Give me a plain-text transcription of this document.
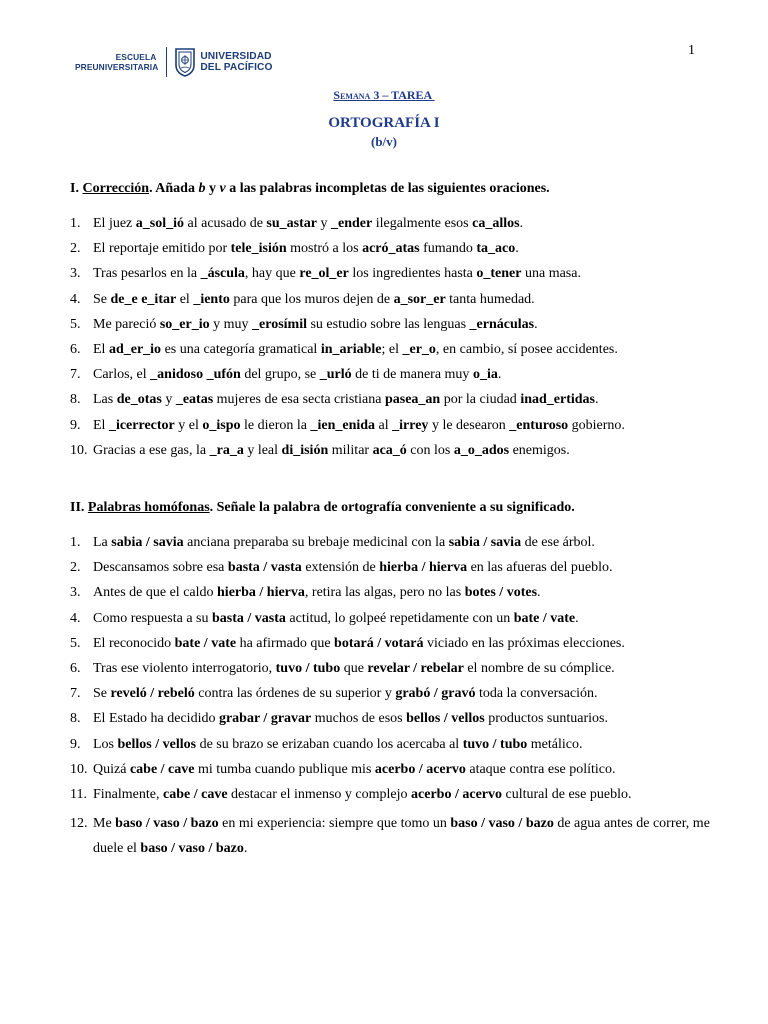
1
ESCUELA
PREUNIVERSITARIA
UNIVERSIDAD
DEL PACÍFICO
Semana 3 – TAREA
ORTOGRAFÍA I
(b/v)
I. Corrección. Añada b y v a las palabras incompletas de las siguientes oraciones.
1. El juez a_sol_ió al acusado de su_astar y _ender ilegalmente esos ca_allos.
2. El reportaje emitido por tele_isión mostró a los acró_atas fumando ta_aco.
3. Tras pesarlos en la _áscula, hay que re_ol_er los ingredientes hasta o_tener una masa.
4. Se de_e e_itar el _iento para que los muros dejen de a_sor_er tanta humedad.
5. Me pareció so_er_io y muy _erosímil su estudio sobre las lenguas _ernáculas.
6. El ad_er_io es una categoría gramatical in_ariable; el _er_o, en cambio, sí posee accidentes.
7. Carlos, el _anidoso _ufón del grupo, se _urló de ti de manera muy o_ia.
8. Las de_otas y _eatas mujeres de esa secta cristiana pasea_an por la ciudad inad_ertidas.
9. El _icerrector y el o_ispo le dieron la _ien_enida al _irrey y le desearon _enturoso gobierno.
10. Gracias a ese gas, la _ra_a y leal di_isión militar aca_ó con los a_o_ados enemigos.
II. Palabras homófonas. Señale la palabra de ortografía conveniente a su significado.
1. La sabia / savia anciana preparaba su brebaje medicinal con la sabia / savia de ese árbol.
2. Descansamos sobre esa basta / vasta extensión de hierba / hierva en las afueras del pueblo.
3. Antes de que el caldo hierba / hierva, retira las algas, pero no las botes / votes.
4. Como respuesta a su basta / vasta actitud, lo golpeé repetidamente con un bate / vate.
5. El reconocido bate / vate ha afirmado que botará / votará viciado en las próximas elecciones.
6. Tras ese violento interrogatorio, tuvo / tubo que revelar / rebelar el nombre de su cómplice.
7. Se reveló / rebeló contra las órdenes de su superior y grabó / gravó toda la conversación.
8. El Estado ha decidido grabar / gravar muchos de esos bellos / vellos productos suntuarios.
9. Los bellos / vellos de su brazo se erizaban cuando los acercaba al tuvo / tubo metálico.
10. Quizá cabe / cave mi tumba cuando publique mis acerbo / acervo ataque contra ese político.
11. Finalmente, cabe / cave destacar el inmenso y complejo acerbo / acervo cultural de ese pueblo.
12. Me baso / vaso / bazo en mi experiencia: siempre que tomo un baso / vaso / bazo de agua antes de correr, me duele el baso / vaso / bazo.
